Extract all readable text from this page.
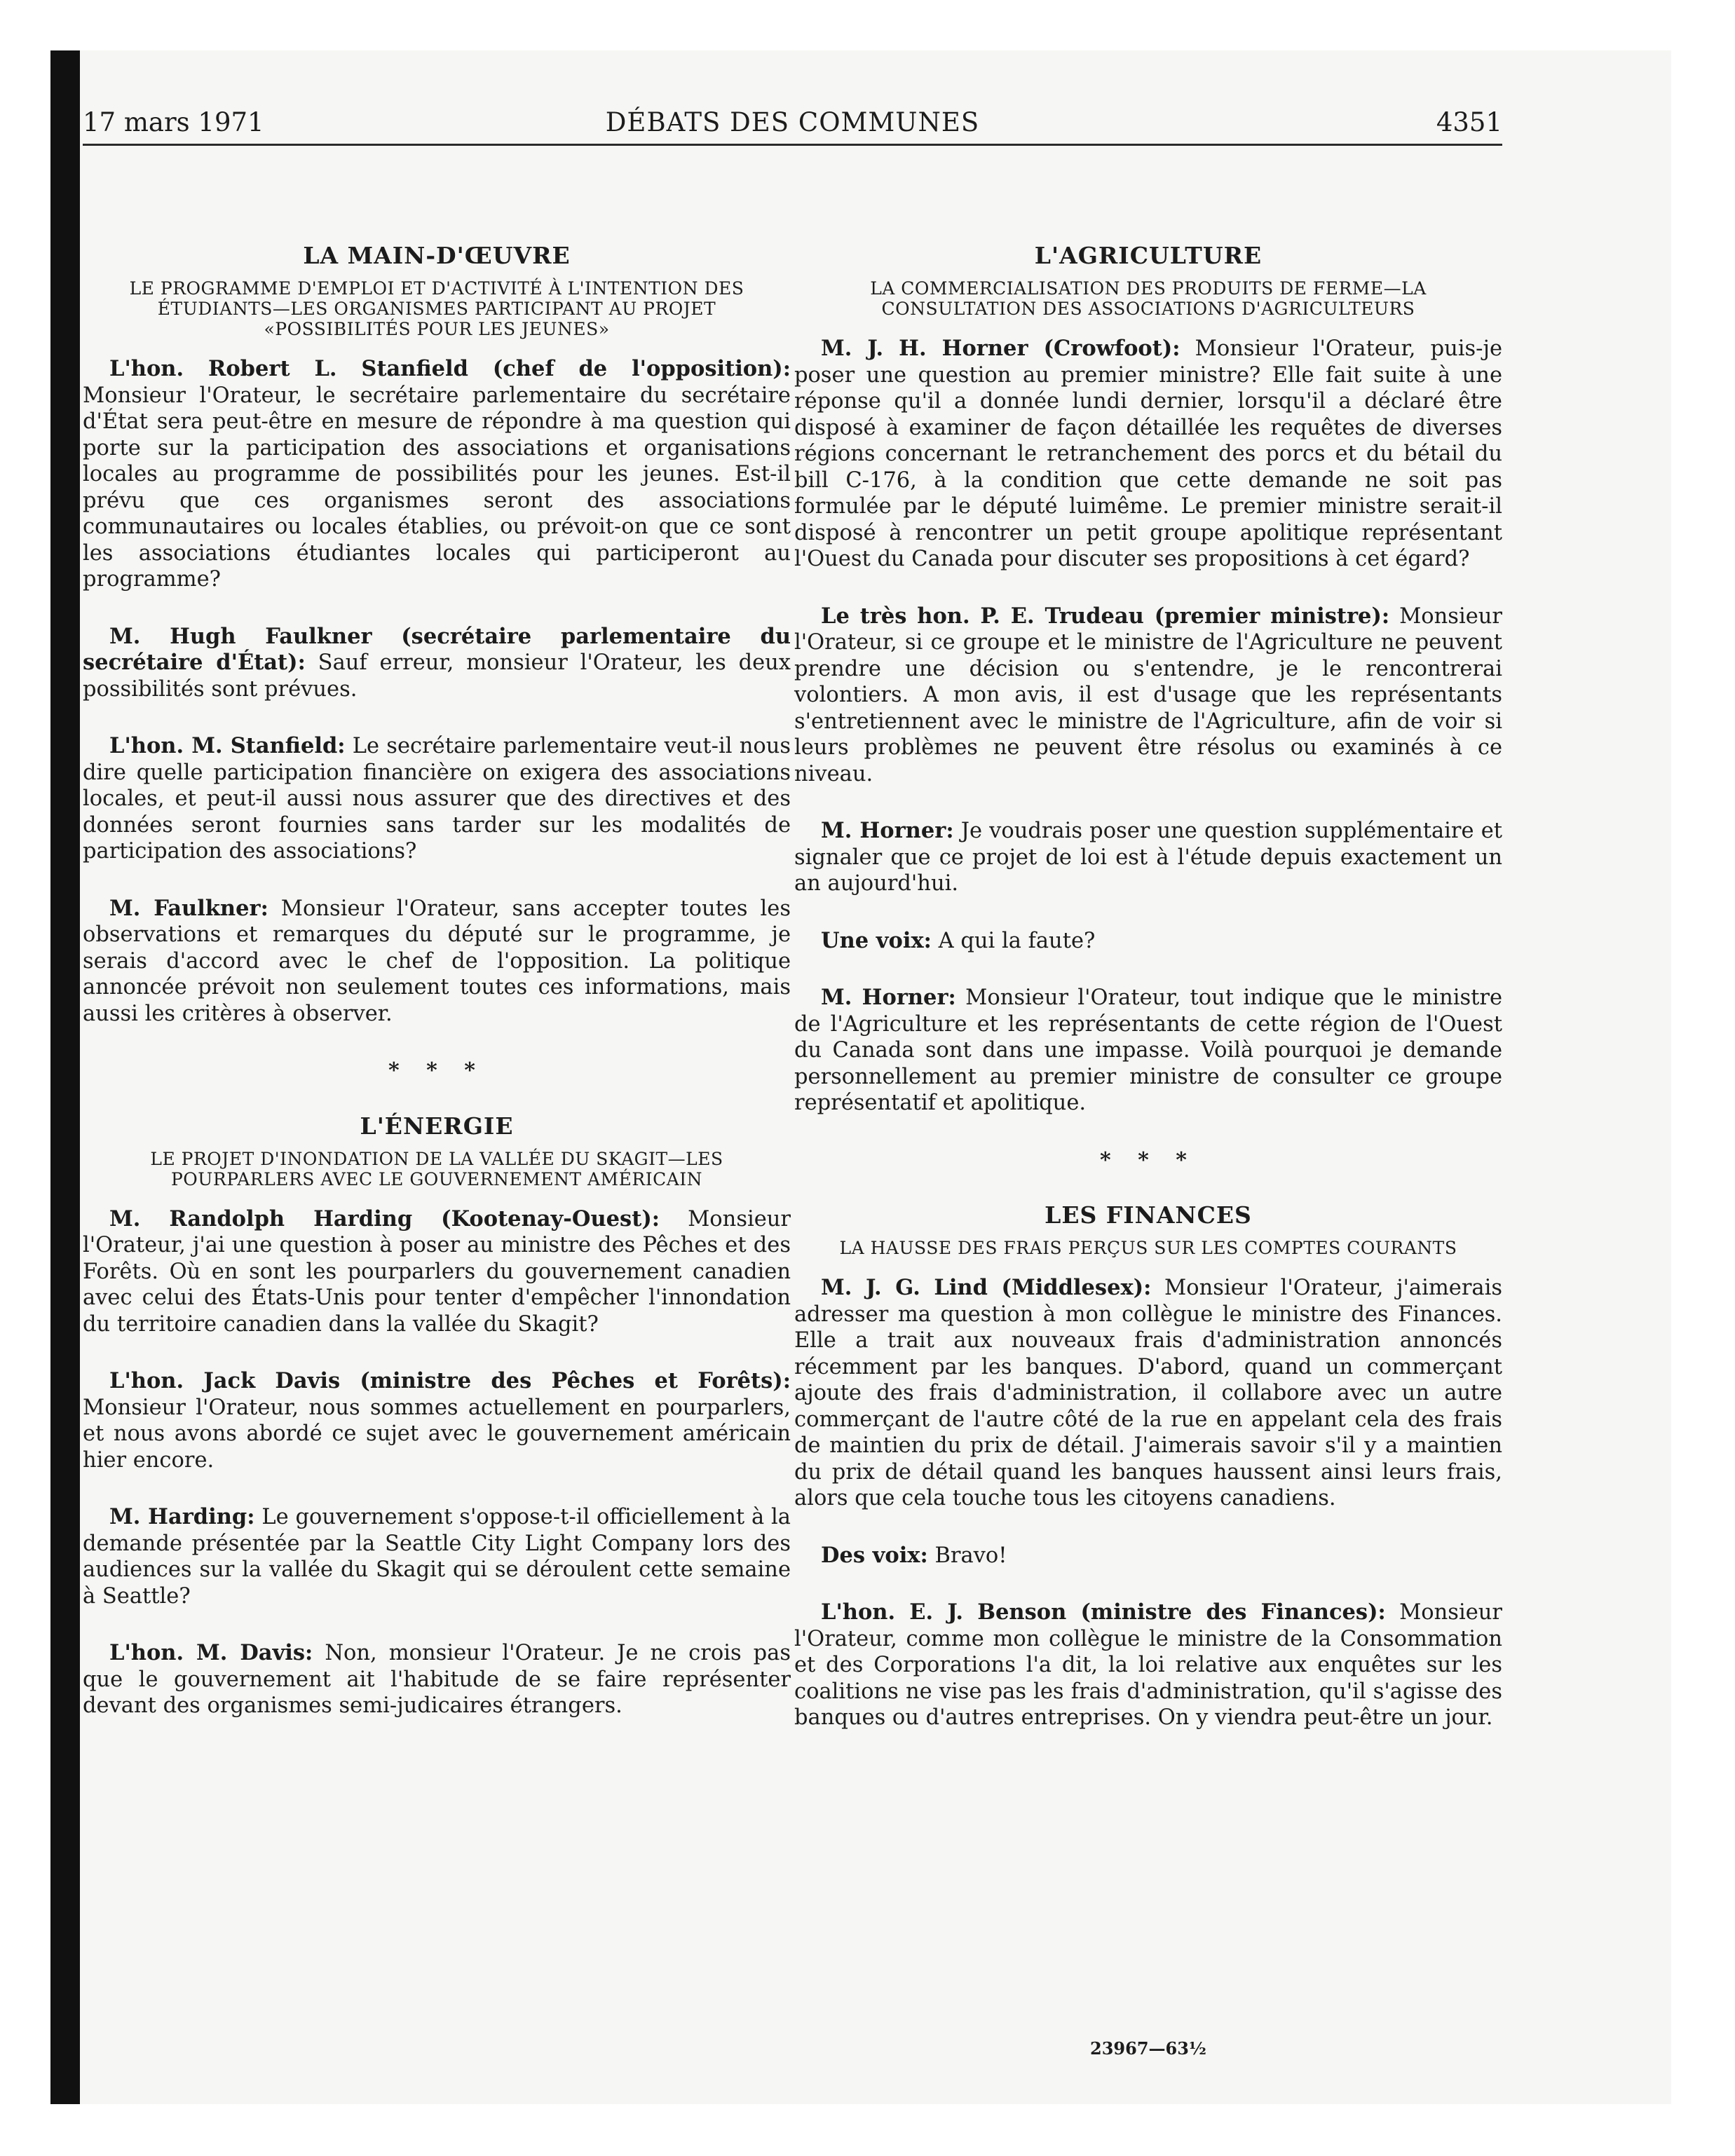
17 mars 1971	DÉBATS DES COMMUNES	4351
LA MAIN-D'ŒUVRE
LE PROGRAMME D'EMPLOI ET D'ACTIVITÉ À L'INTENTION DES ÉTUDIANTS—LES ORGANISMES PARTICIPANT AU PROJET «POSSIBILITÉS POUR LES JEUNES»

L'hon. Robert L. Stanfield (chef de l'opposition): Monsieur l'Orateur, le secrétaire parlementaire du secrétaire d'État sera peut-être en mesure de répondre à ma question qui porte sur la participation des associations et organisations locales au programme de possibilités pour les jeunes. Est-il prévu que ces organismes seront des associations communautaires ou locales établies, ou prévoit-on que ce sont les associations étudiantes locales qui participeront au programme?

M. Hugh Faulkner (secrétaire parlementaire du secrétaire d'État): Sauf erreur, monsieur l'Orateur, les deux possibilités sont prévues.

L'hon. M. Stanfield: Le secrétaire parlementaire veut-il nous dire quelle participation financière on exigera des associations locales, et peut-il aussi nous assurer que des directives et des données seront fournies sans tarder sur les modalités de participation des associations?

M. Faulkner: Monsieur l'Orateur, sans accepter toutes les observations et remarques du député sur le programme, je serais d'accord avec le chef de l'opposition. La politique annoncée prévoit non seulement toutes ces informations, mais aussi les critères à observer.

* * *
L'ÉNERGIE
LE PROJET D'INONDATION DE LA VALLÉE DU SKAGIT—LES POURPARLERS AVEC LE GOUVERNEMENT AMÉRICAIN

M. Randolph Harding (Kootenay-Ouest): Monsieur l'Orateur, j'ai une question à poser au ministre des Pêches et des Forêts. Où en sont les pourparlers du gouvernement canadien avec celui des États-Unis pour tenter d'empêcher l'innondation du territoire canadien dans la vallée du Skagit?

L'hon. Jack Davis (ministre des Pêches et Forêts): Monsieur l'Orateur, nous sommes actuellement en pourparlers, et nous avons abordé ce sujet avec le gouvernement américain hier encore.

M. Harding: Le gouvernement s'oppose-t-il officiellement à la demande présentée par la Seattle City Light Company lors des audiences sur la vallée du Skagit qui se déroulent cette semaine à Seattle?

L'hon. M. Davis: Non, monsieur l'Orateur. Je ne crois pas que le gouvernement ait l'habitude de se faire représenter devant des organismes semi-judicaires étrangers.

L'AGRICULTURE
LA COMMERCIALISATION DES PRODUITS DE FERME—LA CONSULTATION DES ASSOCIATIONS D'AGRICULTEURS

M. J. H. Horner (Crowfoot): Monsieur l'Orateur, puis-je poser une question au premier ministre? Elle fait suite à une réponse qu'il a donnée lundi dernier, lorsqu'il a déclaré être disposé à examiner de façon détaillée les requêtes de diverses régions concernant le retranchement des porcs et du bétail du bill C-176, à la condition que cette demande ne soit pas formulée par le député luimême. Le premier ministre serait-il disposé à rencontrer un petit groupe apolitique représentant l'Ouest du Canada pour discuter ses propositions à cet égard?

Le très hon. P. E. Trudeau (premier ministre): Monsieur l'Orateur, si ce groupe et le ministre de l'Agriculture ne peuvent prendre une décision ou s'entendre, je le rencontrerai volontiers. A mon avis, il est d'usage que les représentants s'entretiennent avec le ministre de l'Agriculture, afin de voir si leurs problèmes ne peuvent être résolus ou examinés à ce niveau.

M. Horner: Je voudrais poser une question supplémentaire et signaler que ce projet de loi est à l'étude depuis exactement un an aujourd'hui.

Une voix: A qui la faute?

M. Horner: Monsieur l'Orateur, tout indique que le ministre de l'Agriculture et les représentants de cette région de l'Ouest du Canada sont dans une impasse. Voilà pourquoi je demande personnellement au premier ministre de consulter ce groupe représentatif et apolitique.

* * *
LES FINANCES
LA HAUSSE DES FRAIS PERÇUS SUR LES COMPTES COURANTS

M. J. G. Lind (Middlesex): Monsieur l'Orateur, j'aimerais adresser ma question à mon collègue le ministre des Finances. Elle a trait aux nouveaux frais d'administration annoncés récemment par les banques. D'abord, quand un commerçant ajoute des frais d'administration, il collabore avec un autre commerçant de l'autre côté de la rue en appelant cela des frais de maintien du prix de détail. J'aimerais savoir s'il y a maintien du prix de détail quand les banques haussent ainsi leurs frais, alors que cela touche tous les citoyens canadiens.

Des voix: Bravo!

L'hon. E. J. Benson (ministre des Finances): Monsieur l'Orateur, comme mon collègue le ministre de la Consommation et des Corporations l'a dit, la loi relative aux enquêtes sur les coalitions ne vise pas les frais d'administration, qu'il s'agisse des banques ou d'autres entreprises. On y viendra peut-être un jour.

23967—63½
